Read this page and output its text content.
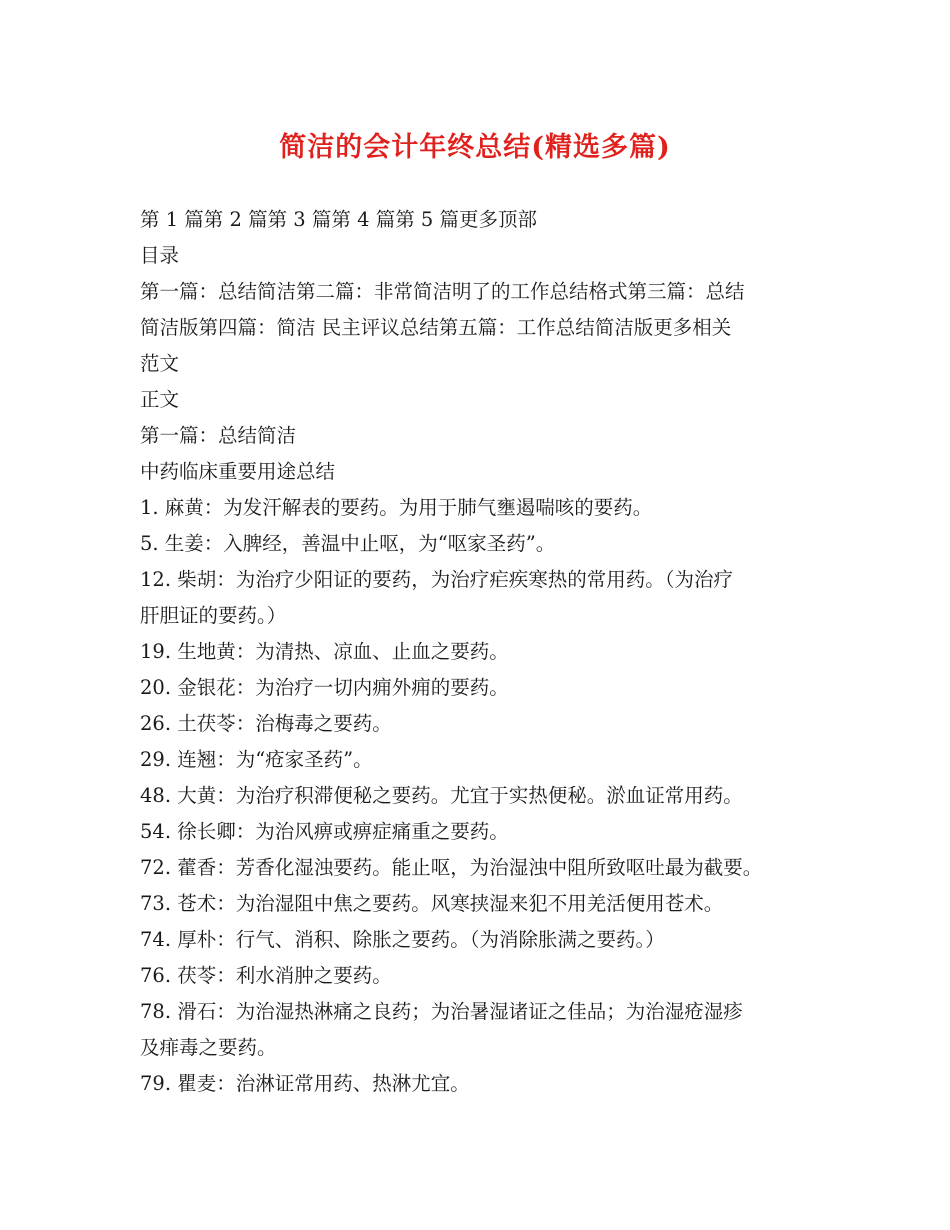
简洁的会计年终总结(精选多篇)

第 1 篇第 2 篇第 3 篇第 4 篇第 5 篇更多顶部

目录

第一篇：总结简洁第二篇：非常简洁明了的工作总结格式第三篇：总结

简洁版第四篇：简洁 民主评议总结第五篇：工作总结简洁版更多相关

范文

正文

第一篇：总结简洁

中药临床重要用途总结

1. 麻黄：为发汗解表的要药。为用于肺气壅遏喘咳的要药。

5. 生姜：入脾经，善温中止呕，为“呕家圣药”。

12. 柴胡：为治疗少阳证的要药，为治疗疟疾寒热的常用药。（为治疗

肝胆证的要药。）

19. 生地黄：为清热、凉血、止血之要药。

20. 金银花：为治疗一切内痈外痈的要药。

26. 土茯苓：治梅毒之要药。

29. 连翘：为“疮家圣药”。

48. 大黄：为治疗积滞便秘之要药。尤宜于实热便秘。淤血证常用药。

54. 徐长卿：为治风痹或痹症痛重之要药。

72. 藿香：芳香化湿浊要药。能止呕，为治湿浊中阻所致呕吐最为截要。

73. 苍术：为治湿阻中焦之要药。风寒挟湿来犯不用羌活便用苍术。

74. 厚朴：行气、消积、除胀之要药。（为消除胀满之要药。）

76. 茯苓：利水消肿之要药。

78. 滑石：为治湿热淋痛之良药；为治暑湿诸证之佳品；为治湿疮湿疹

及痱毒之要药。

79. 瞿麦：治淋证常用药、热淋尤宜。
